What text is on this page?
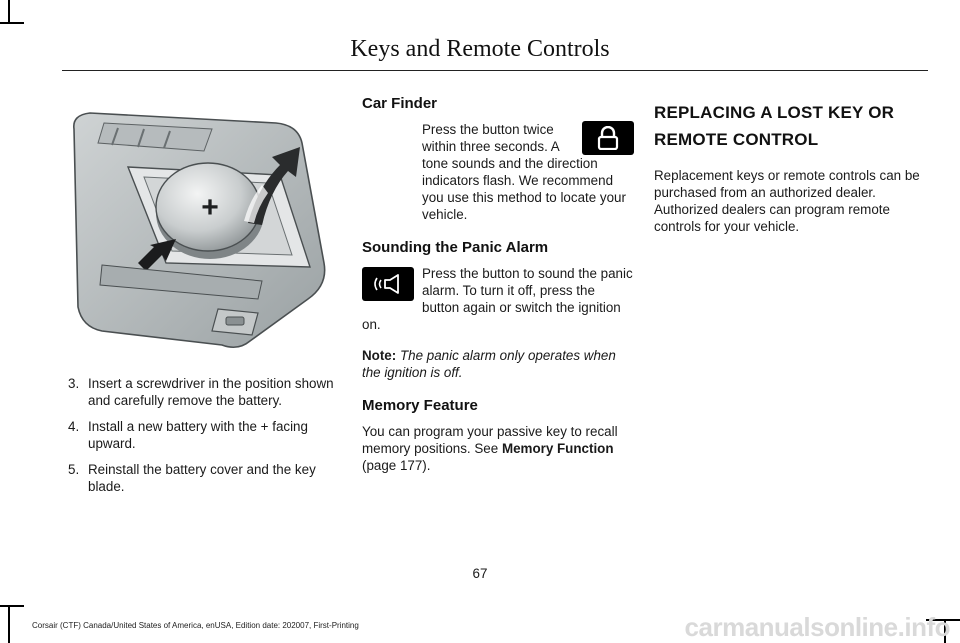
Keys and Remote Controls
+
3. Insert a screwdriver in the position shown and carefully remove the battery.
4. Install a new battery with the + facing upward.
5. Reinstall the battery cover and the key blade.
Car Finder

Press the button twice within three seconds. A tone sounds and the direction indicators flash. We recommend you use this method to locate your vehicle.

Sounding the Panic Alarm

Press the button to sound the panic alarm. To turn it off, press the button again or switch the ignition on.

Note: The panic alarm only operates when the ignition is off.

Memory Feature

You can program your passive key to recall memory positions. See Memory Function (page 177).

REPLACING A LOST KEY OR
REMOTE CONTROL

Replacement keys or remote controls can be purchased from an authorized dealer. Authorized dealers can program remote controls for your vehicle.

67
Corsair (CTF) Canada/United States of America, enUSA, Edition date: 202007, First-Printing	carmanualsonline.info
